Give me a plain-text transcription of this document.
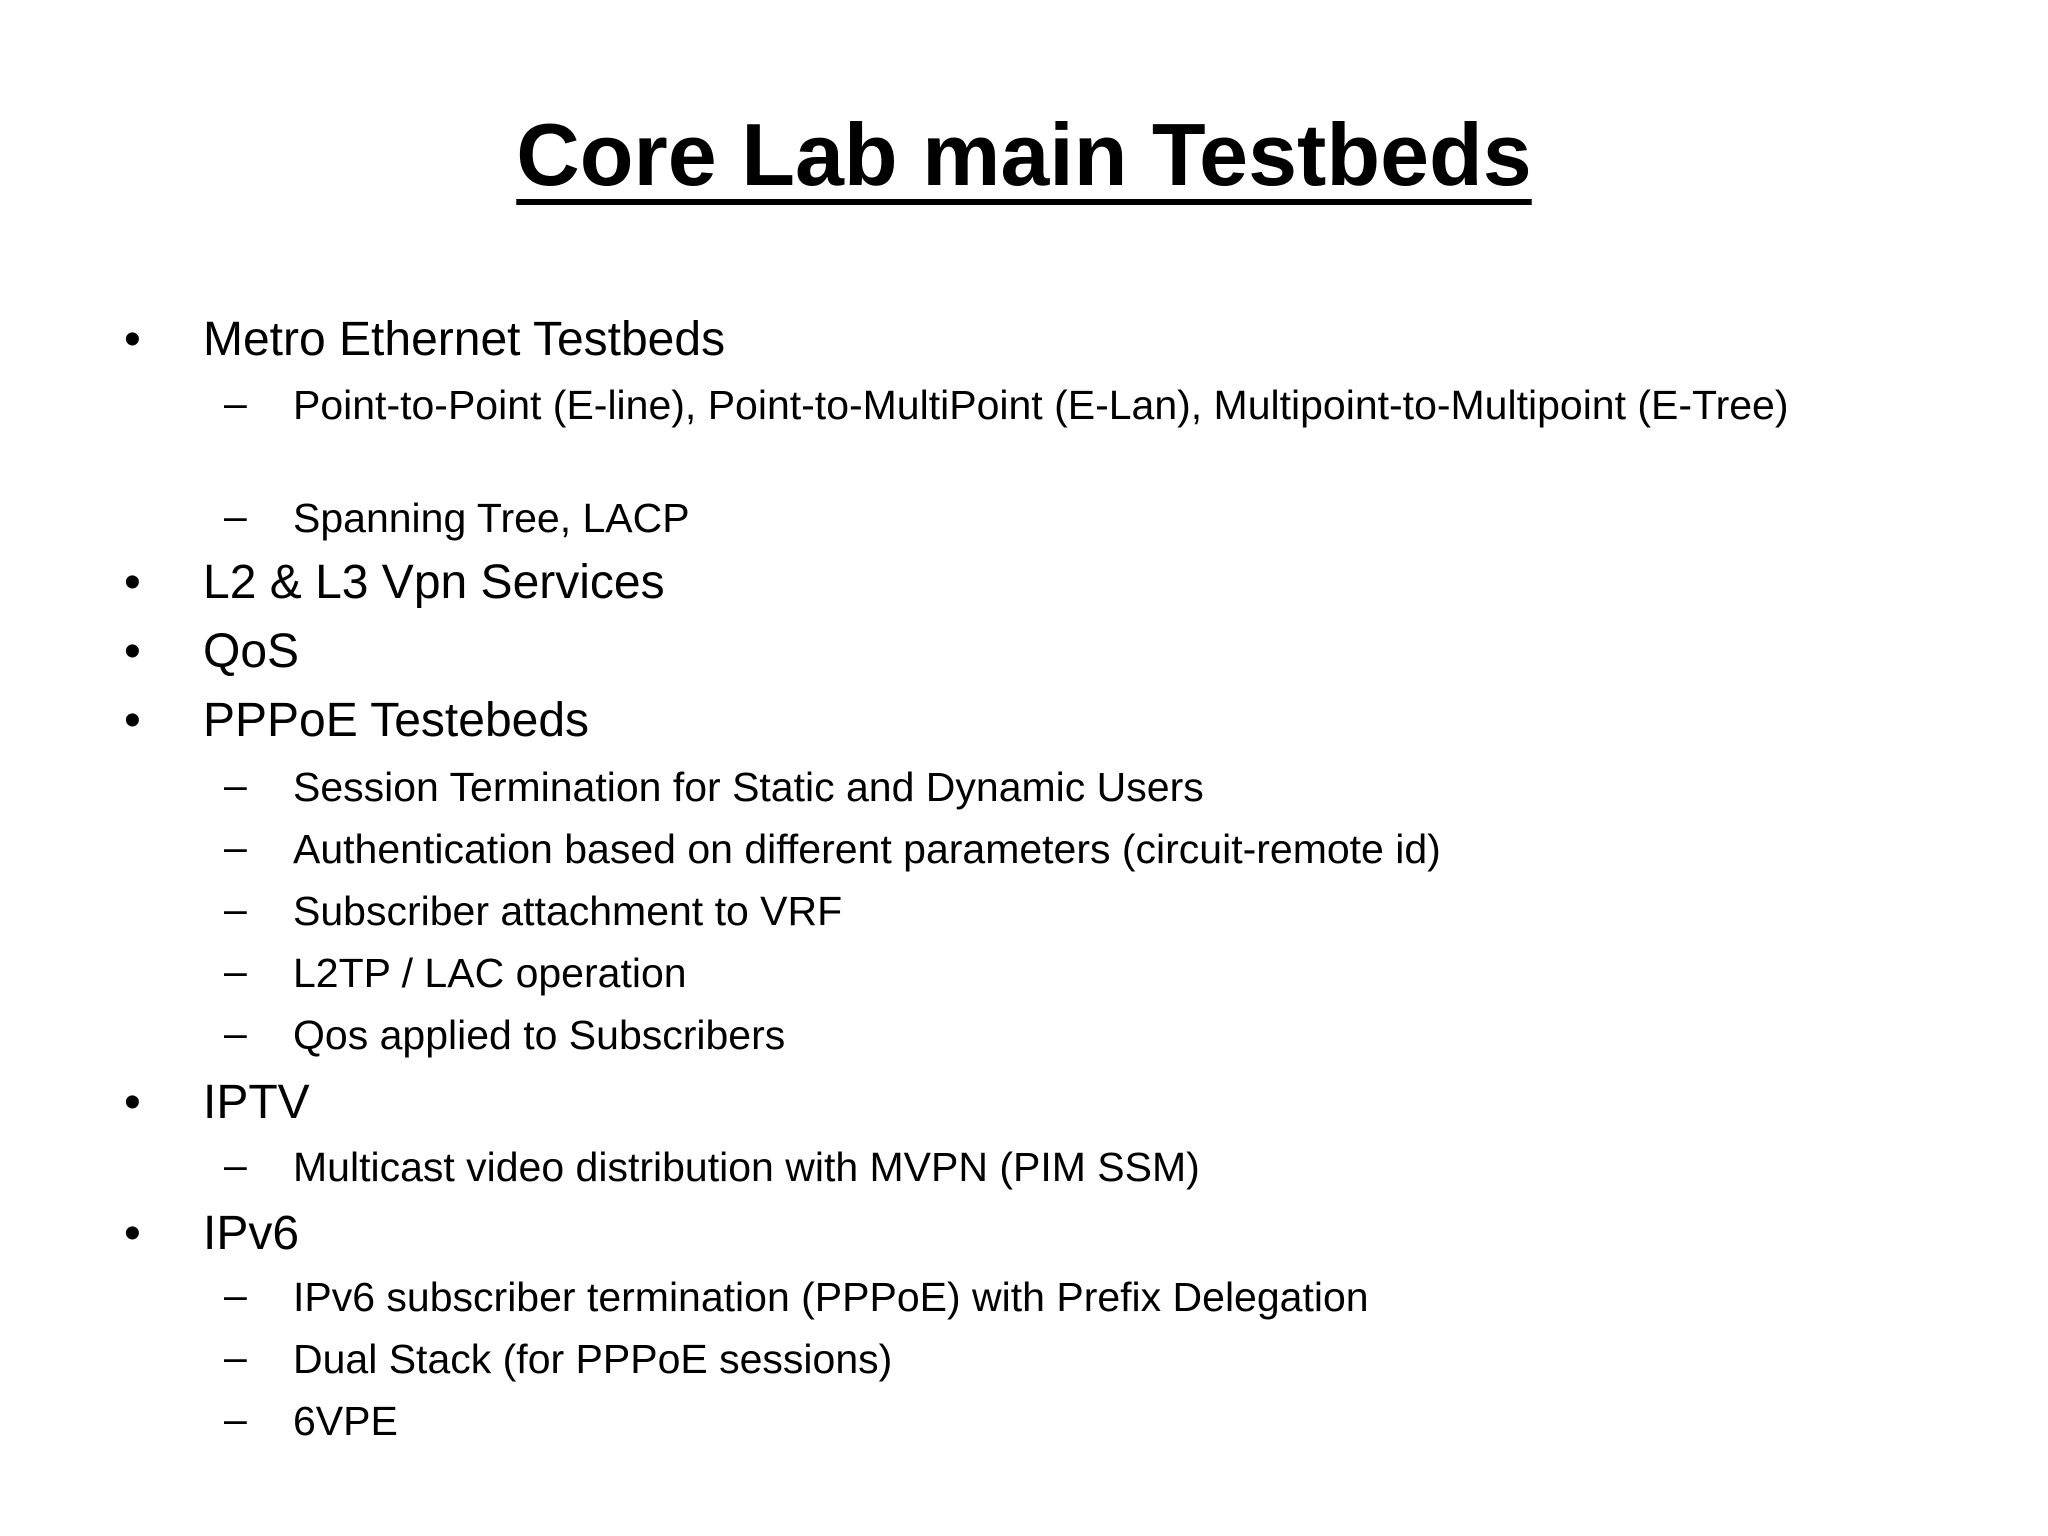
Core Lab main Testbeds
• Metro Ethernet Testbeds
– Point-to-Point (E-line), Point-to-MultiPoint (E-Lan), Multipoint-to-Multipoint (E-Tree)
– Spanning Tree, LACP
• L2 & L3 Vpn Services
• QoS
• PPPoE Testebeds
– Session Termination for Static and Dynamic Users
– Authentication based on different parameters (circuit-remote id)
– Subscriber attachment to VRF
– L2TP / LAC operation
– Qos applied to Subscribers
• IPTV
– Multicast video distribution with MVPN (PIM SSM)
• IPv6
– IPv6 subscriber termination (PPPoE) with Prefix Delegation
– Dual Stack (for PPPoE sessions)
– 6VPE
